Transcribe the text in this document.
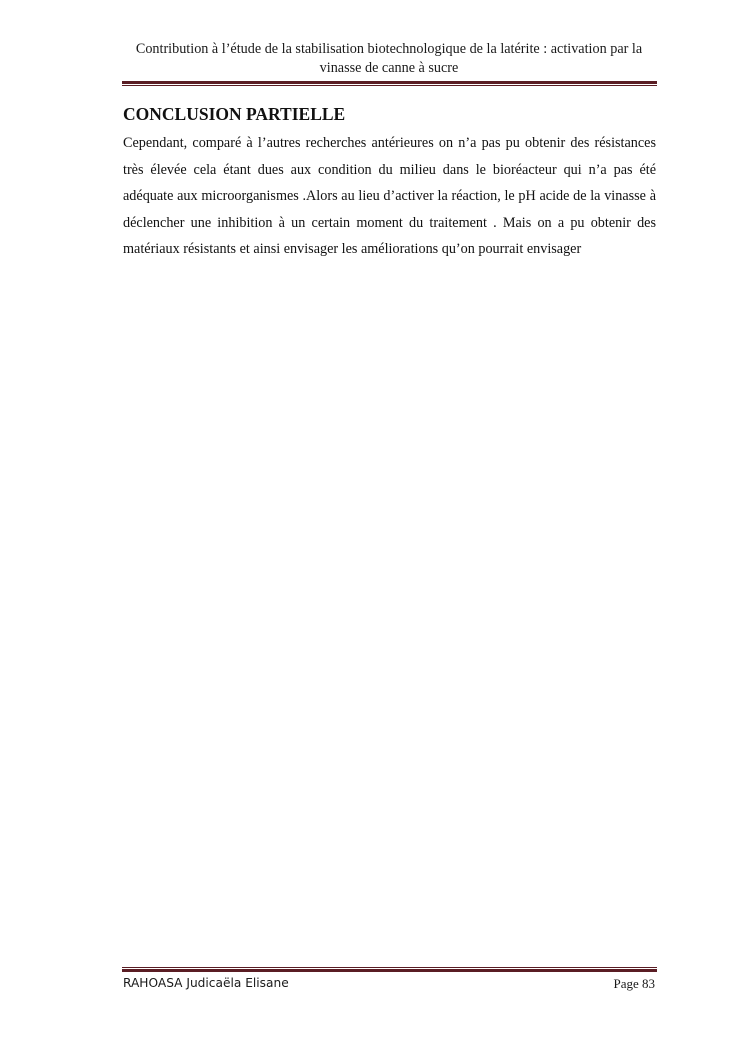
Contribution à l’étude de la stabilisation biotechnologique de la latérite : activation par la vinasse de canne à sucre
CONCLUSION PARTIELLE
Cependant, comparé à l’autres recherches antérieures on n’a pas pu obtenir des résistances très élevée cela étant dues aux condition du milieu dans le bioréacteur qui n’a pas été adéquate aux microorganismes .Alors au lieu d’activer la réaction, le pH acide de la vinasse à déclencher une inhibition à un certain moment du traitement . Mais on a pu obtenir des matériaux résistants et ainsi envisager les améliorations qu’on pourrait envisager
RAHOASA Judicaëla Elisane	Page 83
